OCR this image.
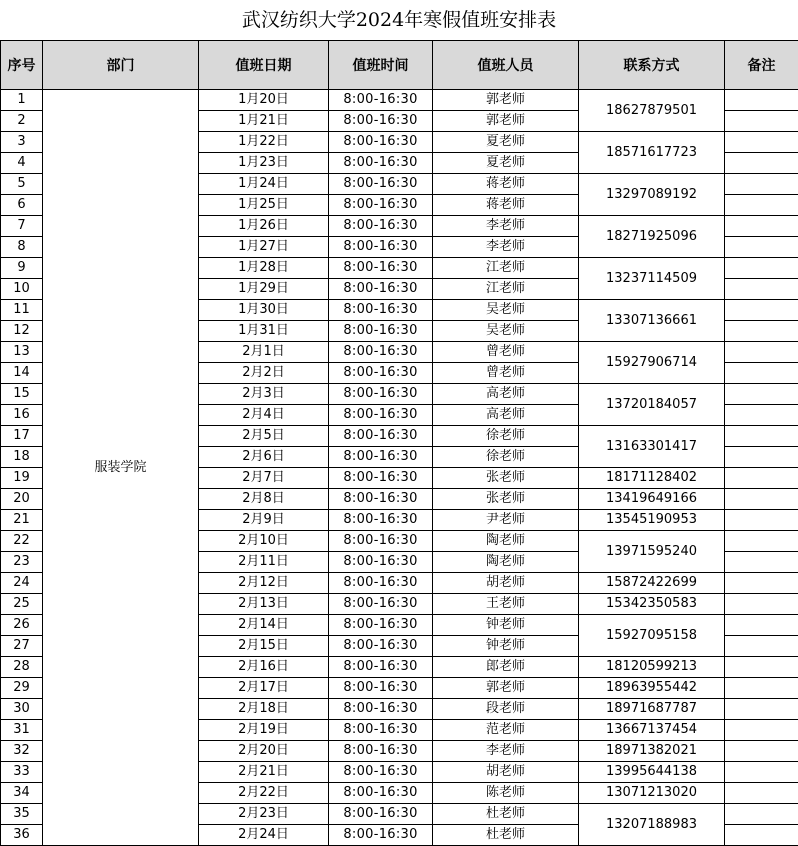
武汉纺织大学2024年寒假值班安排表
序号	部门	值班日期	值班时间	值班人员	联系方式	备注
1	服装学院	1月20日	8:00-16:30	郭老师	18627879501	
2		1月21日	8:00-16:30	郭老师		
3		1月22日	8:00-16:30	夏老师	18571617723	
4		1月23日	8:00-16:30	夏老师		
5		1月24日	8:00-16:30	蒋老师	13297089192	
6		1月25日	8:00-16:30	蒋老师		
7		1月26日	8:00-16:30	李老师	18271925096	
8		1月27日	8:00-16:30	李老师		
9		1月28日	8:00-16:30	江老师	13237114509	
10		1月29日	8:00-16:30	江老师		
11		1月30日	8:00-16:30	吴老师	13307136661	
12		1月31日	8:00-16:30	吴老师		
13		2月1日	8:00-16:30	曾老师	15927906714	
14		2月2日	8:00-16:30	曾老师		
15		2月3日	8:00-16:30	高老师	13720184057	
16		2月4日	8:00-16:30	高老师		
17		2月5日	8:00-16:30	徐老师	13163301417	
18		2月6日	8:00-16:30	徐老师		
19		2月7日	8:00-16:30	张老师	18171128402	
20		2月8日	8:00-16:30	张老师	13419649166	
21		2月9日	8:00-16:30	尹老师	13545190953	
22		2月10日	8:00-16:30	陶老师	13971595240	
23		2月11日	8:00-16:30	陶老师		
24		2月12日	8:00-16:30	胡老师	15872422699	
25		2月13日	8:00-16:30	王老师	15342350583	
26		2月14日	8:00-16:30	钟老师	15927095158	
27		2月15日	8:00-16:30	钟老师		
28		2月16日	8:00-16:30	郎老师	18120599213	
29		2月17日	8:00-16:30	郭老师	18963955442	
30		2月18日	8:00-16:30	段老师	18971687787	
31		2月19日	8:00-16:30	范老师	13667137454	
32		2月20日	8:00-16:30	李老师	18971382021	
33		2月21日	8:00-16:30	胡老师	13995644138	
34		2月22日	8:00-16:30	陈老师	13071213020	
35		2月23日	8:00-16:30	杜老师	13207188983	
36		2月24日	8:00-16:30	杜老师		
